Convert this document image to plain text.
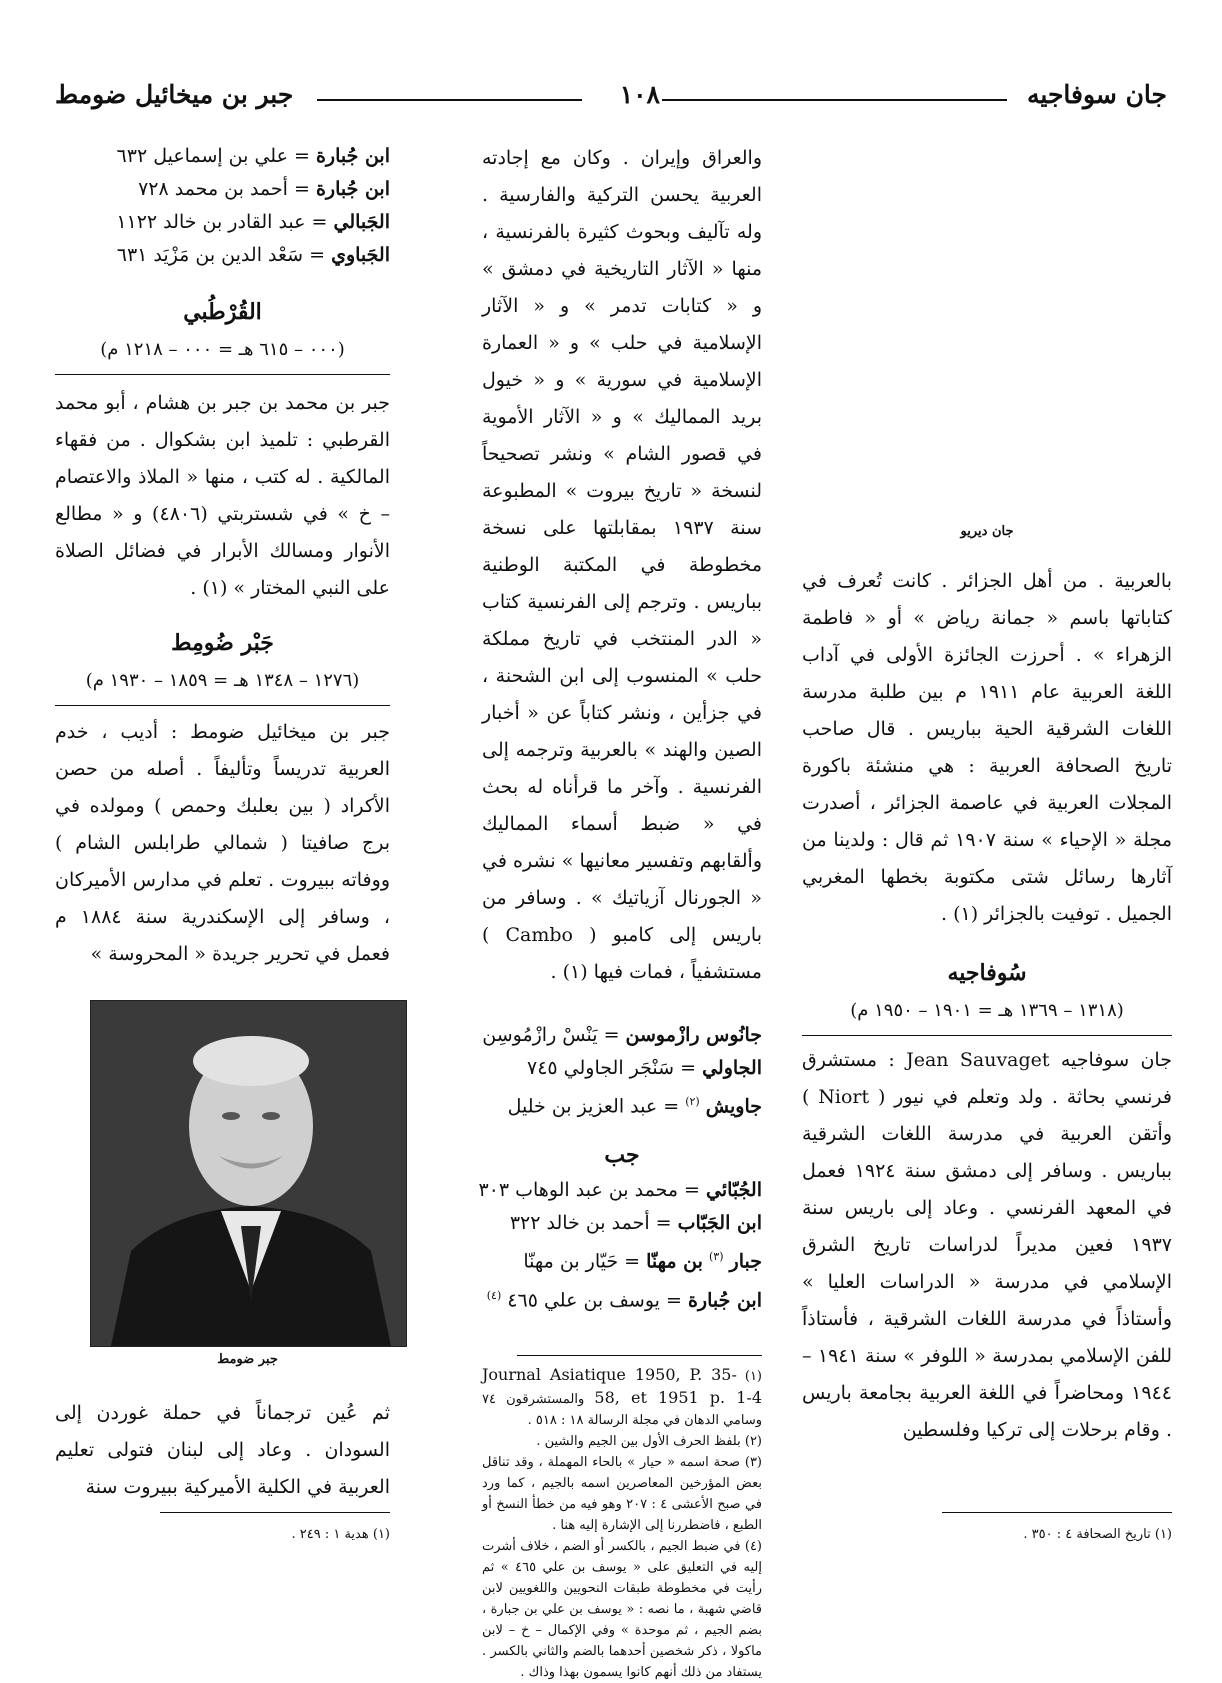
جان سوفاجيه
١٠٨
جبر بن ميخائيل ضومط
جان ديريو

بالعربية . من أهل الجزائر . كانت تُعرف في كتاباتها باسم « جمانة رياض » أو « فاطمة الزهراء » . أحرزت الجائزة الأولى في آداب اللغة العربية عام ١٩١١ م بين طلبة مدرسة اللغات الشرقية الحية بباريس . قال صاحب تاريخ الصحافة العربية : هي منشئة باكورة المجلات العربية في عاصمة الجزائر ، أصدرت مجلة « الإحياء » سنة ١٩٠٧ ثم قال : ولدينا من آثارها رسائل شتى مكتوبة بخطها المغربي الجميل . توفيت بالجزائر (١) .

سُوفاجيه

(١٣١٨ – ١٣٦٩ هـ = ١٩٠١ – ١٩٥٠ م)

جان سوفاجيه Jean Sauvaget : مستشرق فرنسي بحاثة . ولد وتعلم في نيور ( Niort ) وأتقن العربية في مدرسة اللغات الشرقية بباريس . وسافر إلى دمشق سنة ١٩٢٤ فعمل في المعهد الفرنسي . وعاد إلى باريس سنة ١٩٣٧ فعين مديراً لدراسات تاريخ الشرق الإسلامي في مدرسة « الدراسات العليا » وأستاذاً في مدرسة اللغات الشرقية ، فأستاذاً للفن الإسلامي بمدرسة « اللوفر » سنة ١٩٤١ – ١٩٤٤ ومحاضراً في اللغة العربية بجامعة باريس . وقام برحلات إلى تركيا وفلسطين

(١) تاريخ الصحافة ٤ : ٣٥٠ .

والعراق وإيران . وكان مع إجادته العربية يحسن التركية والفارسية . وله تآليف وبحوث كثيرة بالفرنسية ، منها « الآثار التاريخية في دمشق » و « كتابات تدمر » و « الآثار الإسلامية في حلب » و « العمارة الإسلامية في سورية » و « خيول بريد المماليك » و « الآثار الأموية في قصور الشام » ونشر تصحيحاً لنسخة « تاريخ بيروت » المطبوعة سنة ١٩٣٧ بمقابلتها على نسخة مخطوطة في المكتبة الوطنية بباريس . وترجم إلى الفرنسية كتاب « الدر المنتخب في تاريخ مملكة حلب » المنسوب إلى ابن الشحنة ، في جزأين ، ونشر كتاباً عن « أخبار الصين والهند » بالعربية وترجمه إلى الفرنسية . وآخر ما قرأناه له بحث في « ضبط أسماء المماليك وألقابهم وتفسير معانيها » نشره في « الجورنال آزياتيك » . وسافر من باريس إلى كامبو ( Cambo ) مستشفياً ، فمات فيها (١) .

جانُوس رازْموسن = يَنْسْ رازْمُوسِن

الجاولي = سَنْجَر الجاولي ٧٤٥

جاويش $^{(٢)}$ = عبد العزيز بن خليل

جب

الجُبّائي = محمد بن عبد الوهاب ٣٠٣

ابن الجَبّاب = أحمد بن خالد ٣٢٢

جبار $^{(٣)}$ بن مهنّا = حَيّار بن مهنّا

ابن جُبارة = يوسف بن علي ٤٦٥ $^{(٤)}$

(١) Journal Asiatique 1950, P. 35-58, et 1951 p. 1-4 والمستشرقون ٧٤ وسامي الدهان في مجلة الرسالة ١٨ : ٥١٨ .

(٢) بلفظ الحرف الأول بين الجيم والشين .

(٣) صحة اسمه « حيار » بالحاء المهملة ، وقد تناقل بعض المؤرخين المعاصرين اسمه بالجيم ، كما ورد في صبح الأعشى ٤ : ٢٠٧ وهو فيه من خطأ النسخ أو الطبع ، فاضطررنا إلى الإشارة إليه هنا .

(٤) في ضبط الجيم ، بالكسر أو الضم ، خلاف أشرت إليه في التعليق على « يوسف بن علي ٤٦٥ » ثم رأيت في مخطوطة طبقات النحويين واللغويين لابن قاضي شهبة ، ما نصه : « يوسف بن علي بن جبارة ، بضم الجيم ، ثم موحدة » وفي الإكمال – خ – لابن ماكولا ، ذكر شخصين أحدهما بالضم والثاني بالكسر . يستفاد من ذلك أنهم كانوا يسمون بهذا وذاك .

ابن جُبارة = علي بن إسماعيل ٦٣٢

ابن جُبارة = أحمد بن محمد ٧٢٨

الجَبالي = عبد القادر بن خالد ١١٢٢

الجَباوي = سَعْد الدين بن مَزْيَد ٦٣١

القُرْطُبي

(٠٠٠ – ٦١٥ هـ = ٠٠٠ – ١٢١٨ م)

جبر بن محمد بن جبر بن هشام ، أبو محمد القرطبي : تلميذ ابن بشكوال . من فقهاء المالكية . له كتب ، منها « الملاذ والاعتصام – خ » في شستربتي (٤٨٠٦) و « مطالع الأنوار ومسالك الأبرار في فضائل الصلاة على النبي المختار » (١) .

جَبْر ضُومِط

(١٢٧٦ – ١٣٤٨ هـ = ١٨٥٩ – ١٩٣٠ م)

جبر بن ميخائيل ضومط : أديب ، خدم العربية تدريساً وتأليفاً . أصله من حصن الأكراد ( بين بعلبك وحمص ) ومولده في برج صافيتا ( شمالي طرابلس الشام ) ووفاته ببيروت . تعلم في مدارس الأميركان ، وسافر إلى الإسكندرية سنة ١٨٨٤ م فعمل في تحرير جريدة « المحروسة »

جبر ضومط

ثم عُين ترجماناً في حملة غوردن إلى السودان . وعاد إلى لبنان فتولى تعليم العربية في الكلية الأميركية ببيروت سنة

(١) هدية ١ : ٢٤٩ .
